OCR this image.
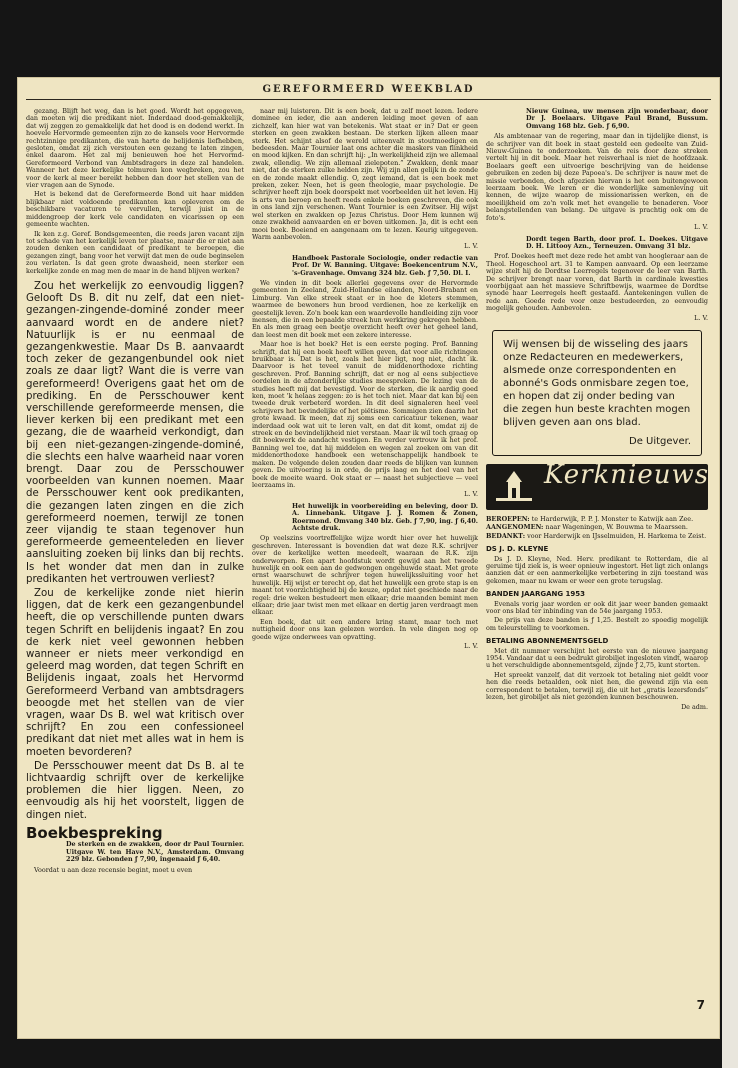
GEREFORMEERD WEEKBLAD

gezang. Blijft het weg, dan is het goed. Wordt het opgegeven, dan moeten wij die predikant niet. Inderdaad dood-gemakkelijk, dat wij zeggen zo gemakkelijk dat het dood is en dodend werkt. In hoevele Hervormde gemeenten zijn zo de kansels voor Hervormde rechtzinnige predikanten, die van harte de belijdenis liefhebben, gesloten, omdat zij zich verstouten een gezang te laten zingen, enkel daarom. Het zal mij benieuwen hoe het Hervormd-Gereformeerd Verbond van Ambtsdragers in deze zal handelen. Wanneer het deze kerkelijke tolmuren kon wegbreken, zou het voor de kerk al meer bereikt hebben dan door het stellen van de vier vragen aan de Synode.

Het is bekend dat de Gereformeerde Bond uit haar midden blijkbaar niet voldoende predikanten kan opleveren om de beschikbare vacaturen te vervullen, terwijl juist in de middengroep der kerk vele candidaten en vicarissen op een gemeente wachten.

Ik ken z.g. Geref. Bondsgemeenten, die reeds jaren vacant zijn tot schade van het kerkelijk leven ter plaatse, maar die er niet aan zouden denken een candidaat of predikant te beroepen, die gezangen zingt, bang voor het verwijt dat men de oude beginselen zou verlaten. Is dat geen grote dwaasheid, neen sterker een kerkelijke zonde en mag men de maar in de hand blijven werken?

Zou het werkelijk zo eenvoudig liggen? Gelooft Ds B. dit nu zelf, dat een niet-gezangen-zingende-dominé zonder meer aanvaard wordt en de andere niet? Natuurlijk is er nu eenmaal de gezangenkwestie. Maar Ds B. aanvaardt toch zeker de gezangenbundel ook niet zoals ze daar ligt? Want die is verre van gereformeerd! Overigens gaat het om de prediking. En de Persschouwer kent verschillende gereformeerde mensen, die liever kerken bij een predikant met een gezang, die de waarheid verkondigt, dan bij een niet-gezangen-zingende-dominé, die slechts een halve waarheid naar voren brengt. Daar zou de Persschouwer voorbeelden van kunnen noemen. Maar de Persschouwer kent ook predikanten, die gezangen laten zingen en die zich gereformeerd noemen, terwijl ze tonen zeer vijandig te staan tegenover hun gereformeerde gemeenteleden en liever aansluiting zoeken bij links dan bij rechts. Is het wonder dat men dan in zulke predikanten het vertrouwen verliest?

Zou de kerkelijke zonde niet hierin liggen, dat de kerk een gezangenbundel heeft, die op verschillende punten dwars tegen Schrift en belijdenis ingaat? En zou de kerk niet veel gewonnen hebben wanneer er niets meer verkondigd en geleerd mag worden, dat tegen Schrift en Belijdenis ingaat, zoals het Hervormd Gereformeerd Verband van ambtsdragers beoogde met het stellen van de vier vragen, waar Ds B. wel wat kritisch over schrijft? En zou een confessioneel predikant dat niet met alles wat in hem is moeten bevorderen?

De Persschouwer meent dat Ds B. al te lichtvaardig schrijft over de kerkelijke problemen die hier liggen. Neen, zo eenvoudig als hij het voorstelt, liggen de dingen niet.

Boekbespreking
De sterken en de zwakken, door dr Paul Tournier. Uitgave W. ten Have N.V., Amsterdam. Omvang 229 blz. Gebonden ƒ 7,90, ingenaaid ƒ 6,40.

Voordat u aan deze recensie begint, moet u even

naar mij luisteren. Dit is een boek, dat u zelf moet lezen. Iedere dominee en ieder, die aan anderen leiding moet geven of aan zichzelf, kan hier wat van betekenis. Wat staat er in? Dat er geen sterken en geen zwakken bestaan. De sterken lijken alleen maar sterk. Het schijnt alsof de wereld uiteenvalt in stoutmoedigen en bedeesden. Maar Tournier laat ons achter die maskers van flinkheid en mood kijken. En dan schrijft hij: „In werkelijkheid zijn we allemaal zwak, ellendig. We zijn allemaal zielepoten.” Zwakken, denk maar niet, dat de sterken zulke helden zijn. Wij zijn allen gelijk in de zonde en de zonde maakt ellendig. O, zegt iemand, dat is een boek met preken, zeker. Neen, het is geen theologie, maar psychologie. De schrijver heeft zijn boek doorspekt met voorbeelden uit het leven. Hij is arts van beroep en heeft reeds enkele boeken geschreven, die ook in ons land zijn verschenen. Want Tournier is een Zwitser. Hij wijst wel sterken en zwakken op Jezus Christus. Door Hem kunnen wij onze zwakheid aanvaarden en er boven uitkomen. Ja, dit is echt een mooi boek. Boeiend en aangenaam om te lezen. Keurig uitgegeven. Warm aanbevolen.

L. V.
Handboek Pastorale Sociologie, onder redactie van Prof. Dr W. Banning. Uitgave: Boekencentrum N.V., 's-Gravenhage. Omvang 324 blz. Geb. ƒ 7,50. Dl. I.

We vinden in dit boek allerlei gegevens over de Hervormde gemeenten in Zeeland, Zuid-Hollandse eilanden, Noord-Brabant en Limburg. Van elke streek staat er in hoe de kleters stemmen, waarmee de bewoners hun brood verdienen, hoe ze kerkelijk en geestelijk leven. Zo'n boek kan een waardevolle handleiding zijn voor mensen, die in een bepaalde streek hun werkkring gekregen hebben. En als men graag een beetje overzicht heeft over het geheel land, dan leest men dit boek met een zekere interesse.

Maar hoe is het boek? Het is een eerste poging. Prof. Banning schrijft, dat hij een boek heeft willen geven, dat voor alle richtingen bruikbaar is. Dat is het, zoals het hier ligt, nog niet, dacht ik. Daarvoor is het teveel vanuit de middenorthodoxe richting geschreven. Prof. Banning schrijft, dat er nog al eens subjectieve oordelen in de afzonderlijke studies meespreken. De lezing van de studies heeft mij dat bevestigd. Voor de sterken, die ik aardig goed ken, moet 'k helaas zeggen: zo is het toch niet. Maar dat kan bij een tweede druk verbeterd worden. In dit deel signaleren heel veel schrijvers het bevindelijke of het piëtisme. Sommigen zien daarin het grote kwaad. Ik meen, dat zij soms een caricatuur tekenen, waar inderdaad ook wat uit te leren valt, en dat dit komt, omdat zij de streek en de bevindelijkheid niet verstaan. Maar ik wil toch graag op dit boekwerk de aandacht vestigen. En verder vertrouw ik het prof. Banning wel toe, dat hij middelen en wegen zal zoeken om van dit middenorthodoxe handboek een wetenschappelijk handboek te maken. De volgende delen zouden daar reeds de blijken van kunnen geven. De uitvoering is in orde, de prijs laag en het doel van het boek de moeite waard. Ook staat er — naast het subjectieve — veel leerzaams in.

L. V.
Het huwelijk in voorbereiding en beleving, door D. A. Linnebank. Uitgave J. J. Romen & Zonen, Roermond. Omvang 340 blz. Geb. ƒ 7,90, ing. ƒ 6,40. Achtste druk.

Op veelszins voortreffelijke wijze wordt hier over het huwelijk geschreven. Interessant is bovendien dat wat deze R.K. schrijver over de kerkelijke wetten meedeelt, waaraan de R.K. zijn onderworpen. Een apart hoofdstuk wordt gewijd aan het tweede huwelijk en ook een aan de gedwongen ongehuwde staat. Met grote ernst waarschuwt de schrijver tegen huwelijkssluiting voor het huwelijk. Hij wijst er terecht op, dat het huwelijk een grote stap is en maant tot voorzichtigheid bij de keuze, opdat niet geschiede naar de regel: drie weken bestudeert men elkaar; drie maanden bemint men elkaar; drie jaar twist men met elkaar en dertig jaren verdraagt men elkaar.

Een boek, dat uit een andere kring stamt, maar toch met nuttigheid door ons kan gelezen worden. In vele dingen nog op goede wijze onderwees van opvatting.

L. V.
Nieuw Guinea, uw mensen zijn wonderbaar, door Dr J. Boelaars. Uitgave Paul Brand, Bussum. Omvang 168 blz. Geb. ƒ 6,90.

Als ambtenaar van de regering, maar dan in tijdelijke dienst, is de schrijver van dit boek in staat gesteld een gedeelte van Zuid-Nieuw-Guinea te onderzoeken. Van de reis door deze streken vertelt hij in dit boek. Maar het reisverhaal is niet de hoofdzaak. Boelaars geeft een uitvoerige beschrijving van de heidense gebruiken en zeden bij deze Papoea's. De schrijver is nauw met de missie verbonden, doch afgezien hiervan is het een buitengewoon leerzaam boek. We leren er die wonderlijke samenleving uit kennen, de wijze waarop de missionarissen werken, en de moeilijkheid om zo'n volk met het evangelie te benaderen. Voor belangstellenden van belang. De uitgave is prachtig ook om de foto's.

L. V.
Dordt tegen Barth, door prof. L. Doekes. Uitgave D. H. Littooy Azn., Terneuzen. Omvang 31 blz.

Prof. Doekes heeft met deze rede het ambt van hoogleraar aan de Theol. Hogeschool art. 31 te Kampen aanvaard. Op een leerzame wijze stelt hij de Dordtse Leerregels tegenover de leer van Barth. De schrijver brengt naar voren, dat Barth in cardinale kwesties voorbijgaat aan het massieve Schriftbewijs, waarmee de Dordtse synode haar Leerregels heeft gestaafd. Aantekeningen vullen de rede aan. Goede rede voor onze bestudeerden, zo eenvoudig mogelijk gehouden. Aanbevolen.

L. V.
Wij wensen bij de wisseling des jaars onze Redacteuren en medewerkers, alsmede onze correspondenten en abonné's Gods onmisbare zegen toe, en hopen dat zij onder beding van die zegen hun beste krachten mogen blijven geven aan ons blad.
De Uitgever.
Kerknieuws
BEROEPEN: te Harderwijk, P. P. J. Monster te Katwijk aan Zee.
AANGENOMEN: naar Wageningen, W. Bouwma te Maarssen.
BEDANKT: voor Harderwijk en IJsselmuiden, H. Harkema te Zeist.
DS J. D. KLEYNE

Ds J. D. Kleyne, Ned. Herv. predikant te Rotterdam, die al geruime tijd ziek is, is weer opnieuw ingestort. Het ligt zich onlangs aanzien dat er een aanmerkelijke verbetering in zijn toestand was gekomen, maar nu kwam er weer een grote terugslag.

BANDEN JAARGANG 1953

Evenals vorig jaar worden er ook dit jaar weer banden gemaakt voor ons blad ter inbinding van de 54e jaargang 1953.

De prijs van deze banden is ƒ 1,25. Bestelt zo spoedig mogelijk om teleurstelling te voorkomen.

BETALING ABONNEMENTSGELD

Met dit nummer verschijnt het eerste van de nieuwe jaargang 1954. Vandaar dat u een bedrukt girobiljet ingesloten vindt, waarop u het verschuldigde abonnementsgeld, zijnde ƒ 2,75, kunt storten.

Het spreekt vanzelf, dat dit verzoek tot betaling niet geldt voor hen die reeds betaalden, ook niet hen, die gewend zijn via een correspondent te betalen, terwijl zij, die uit het „gratis lezersfonds” lezen, het girobiljet als niet gezonden kunnen beschouwen.

De adm.
7
